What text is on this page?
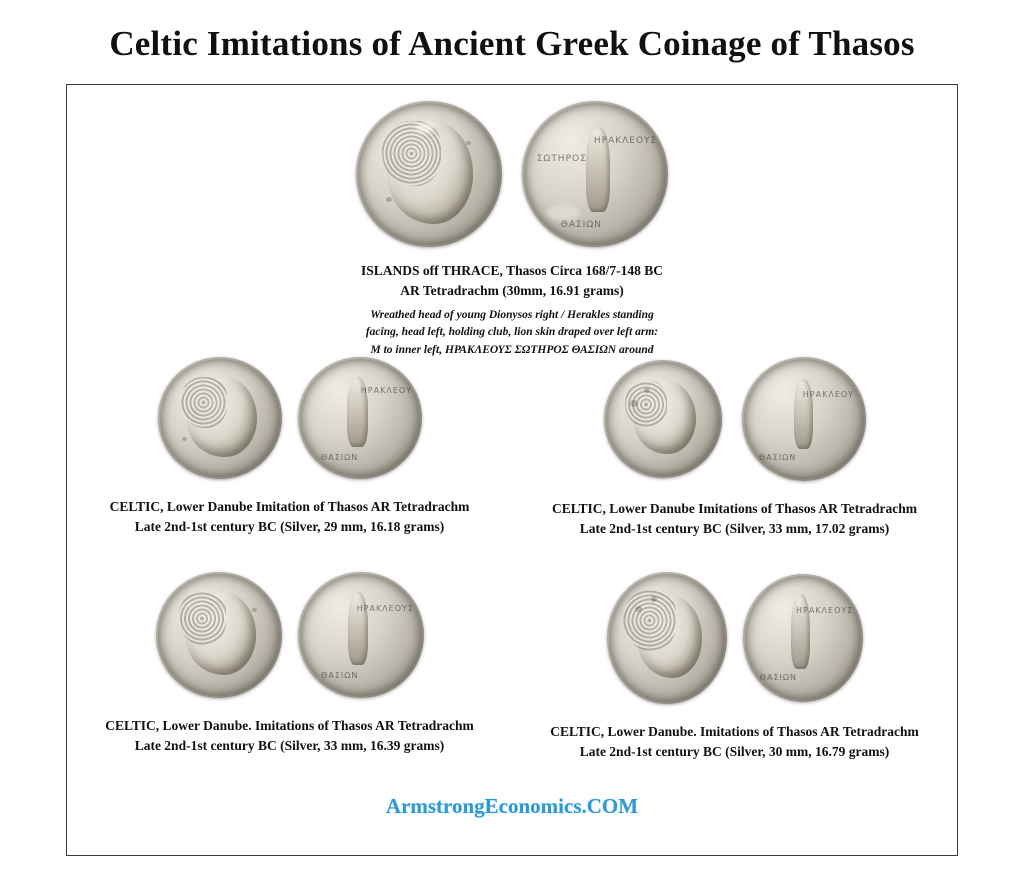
Celtic Imitations of Ancient Greek Coinage of Thasos
ΗΡΑΚΛΕΟΥΣ
ΣΩΤΗΡΟΣ
ΘΑΣΙΩΝ
ISLANDS off THRACE, Thasos Circa 168/7-148 BC
AR Tetradrachm (30mm, 16.91 grams)
Wreathed head of young Dionysos right / Herakles standing
facing, head left, holding club, lion skin draped over left arm:
M to inner left, ΗΡΑΚΛΕΟΥΣ ΣΩΤΗΡΟΣ ΘΑΣΙΩΝ around
ΗΡΑΚΛΕΟΥ
ΘΑΣΙΩΝ
CELTIC, Lower Danube Imitation of Thasos AR Tetradrachm
Late 2nd-1st century BC (Silver, 29 mm, 16.18 grams)
ΗΡΑΚΛΕΟΥ
ΘΑΣΙΩΝ
CELTIC, Lower Danube Imitations of Thasos AR Tetradrachm
Late 2nd-1st century BC (Silver, 33 mm, 17.02 grams)
ΗΡΑΚΛΕΟΥΣ
ΘΑΣΙΩΝ
CELTIC, Lower Danube. Imitations of Thasos AR Tetradrachm
Late 2nd-1st century BC (Silver, 33 mm, 16.39 grams)
ΗΡΑΚΛΕΟΥΣ
ΘΑΣΙΩΝ
CELTIC, Lower Danube. Imitations of Thasos AR Tetradrachm
Late 2nd-1st century BC (Silver, 30 mm, 16.79 grams)
ArmstrongEconomics.COM
